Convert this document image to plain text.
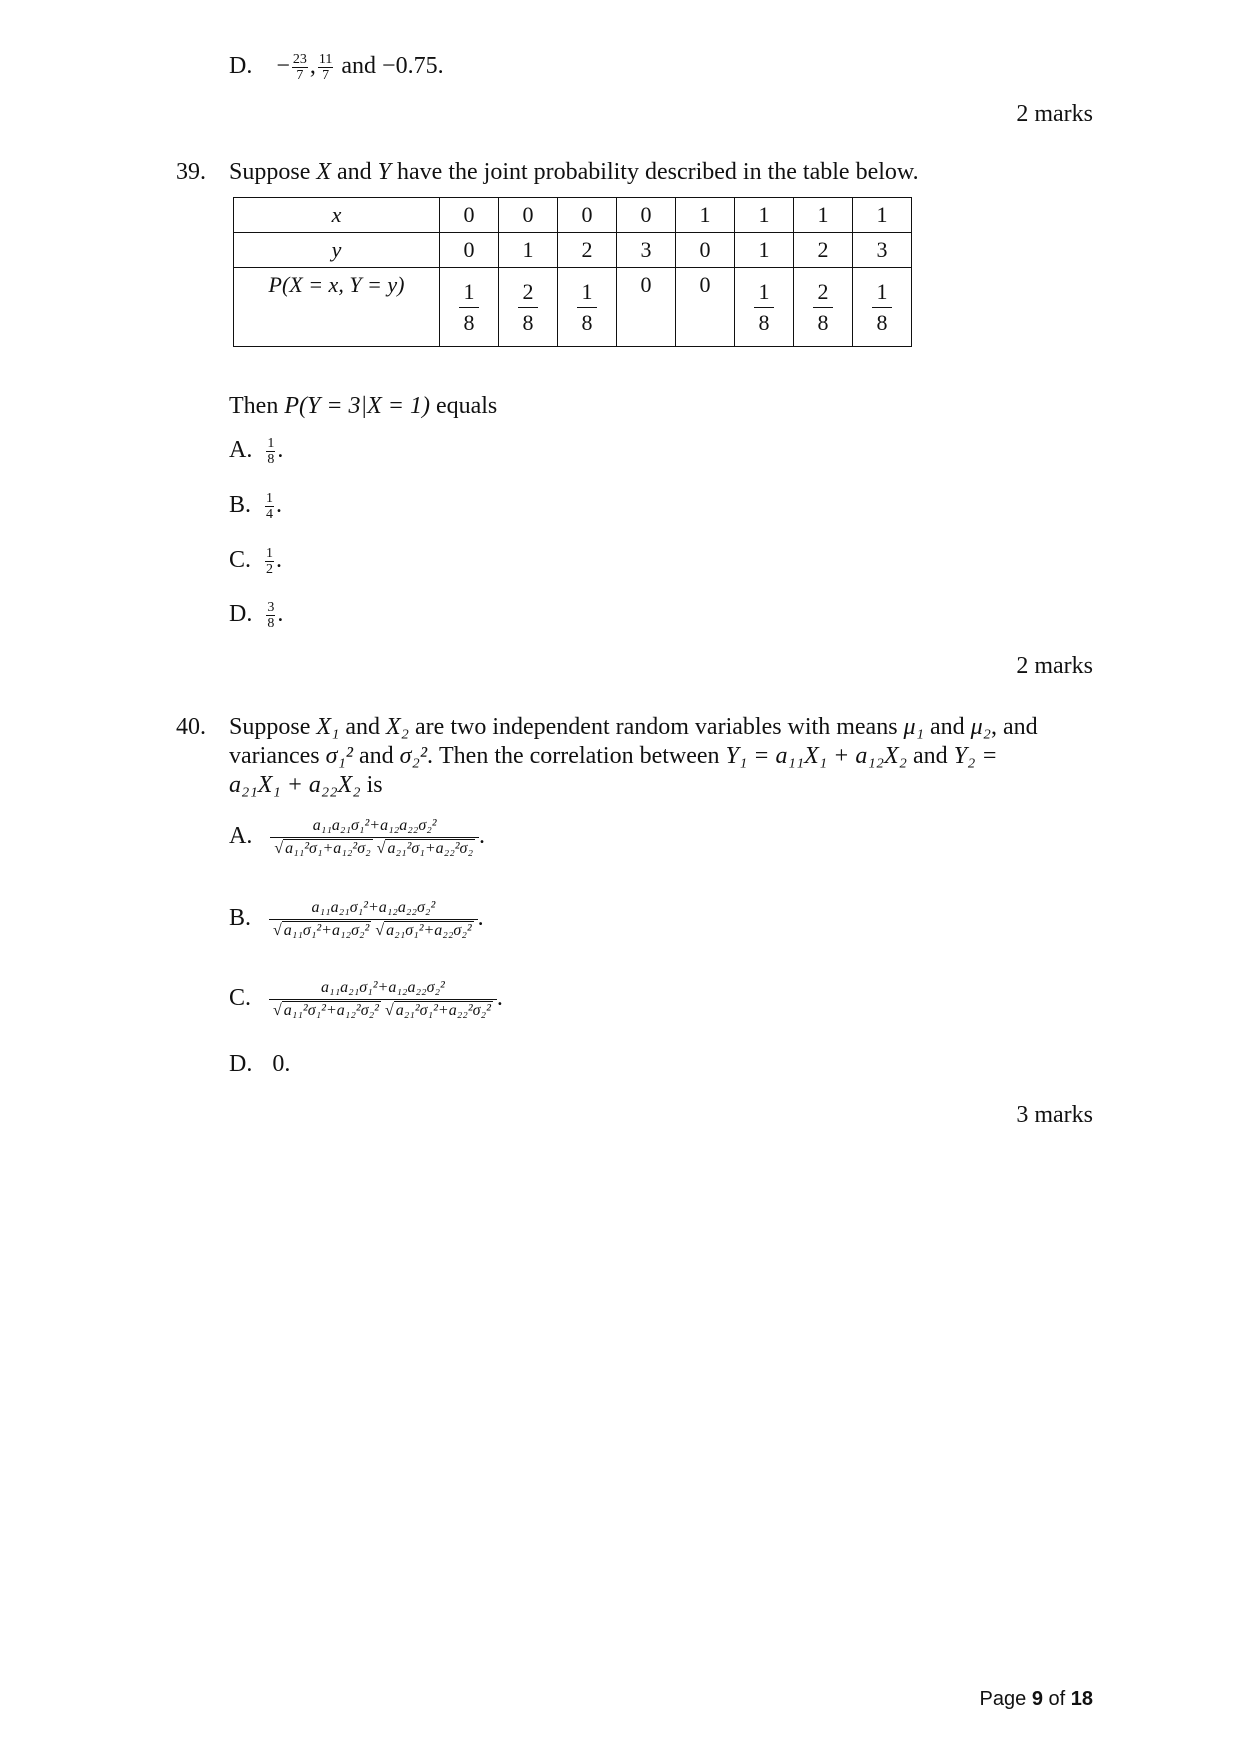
D. − $\frac{23}{7}$ , $\frac{11}{7}$ and −0.75.
2 marks
39. Suppose X and Y have the joint probability described in the table below.
x	0	0	0	0	1	1	1	1
y	0	1	2	3	0	1	2	3
P(X = x, Y = y)	$\frac{1}{8}$	$\frac{2}{8}$	$\frac{1}{8}$	0	0	$\frac{1}{8}$	$\frac{2}{8}$	$\frac{1}{8}$
Then P(Y = 3|X = 1) equals
A. $\frac{1}{8}$ .
B. $\frac{1}{4}$ .
C. $\frac{1}{2}$ .
D. $\frac{3}{8}$ .
2 marks
40. Suppose X₁ and X₂ are two independent random variables with means μ₁ and μ₂, and
variances σ₁² and σ₂². Then the correlation between Y₁ = a₁₁X₁ + a₁₂X₂ and Y₂ =
a₂₁X₁ + a₂₂X₂ is
A. $\frac{\text{a₁₁a₂₁σ₁²+a₁₂a₂₂σ₂²}}{\text{√ a₁₁²σ₁+a₁₂²σ₂ √ a₂₁²σ₁+a₂₂²σ₂}}$ .
B. $\frac{\text{a₁₁a₂₁σ₁²+a₁₂a₂₂σ₂²}}{\text{√ a₁₁σ₁²+a₁₂σ₂² √ a₂₁σ₁²+a₂₂σ₂²}}$ .
C. $\frac{\text{a₁₁a₂₁σ₁²+a₁₂a₂₂σ₂²}}{\text{√ a₁₁²σ₁²+a₁₂²σ₂² √ a₂₁²σ₁²+a₂₂²σ₂²}}$ .
D. 0.
3 marks
Page 9 of 18
